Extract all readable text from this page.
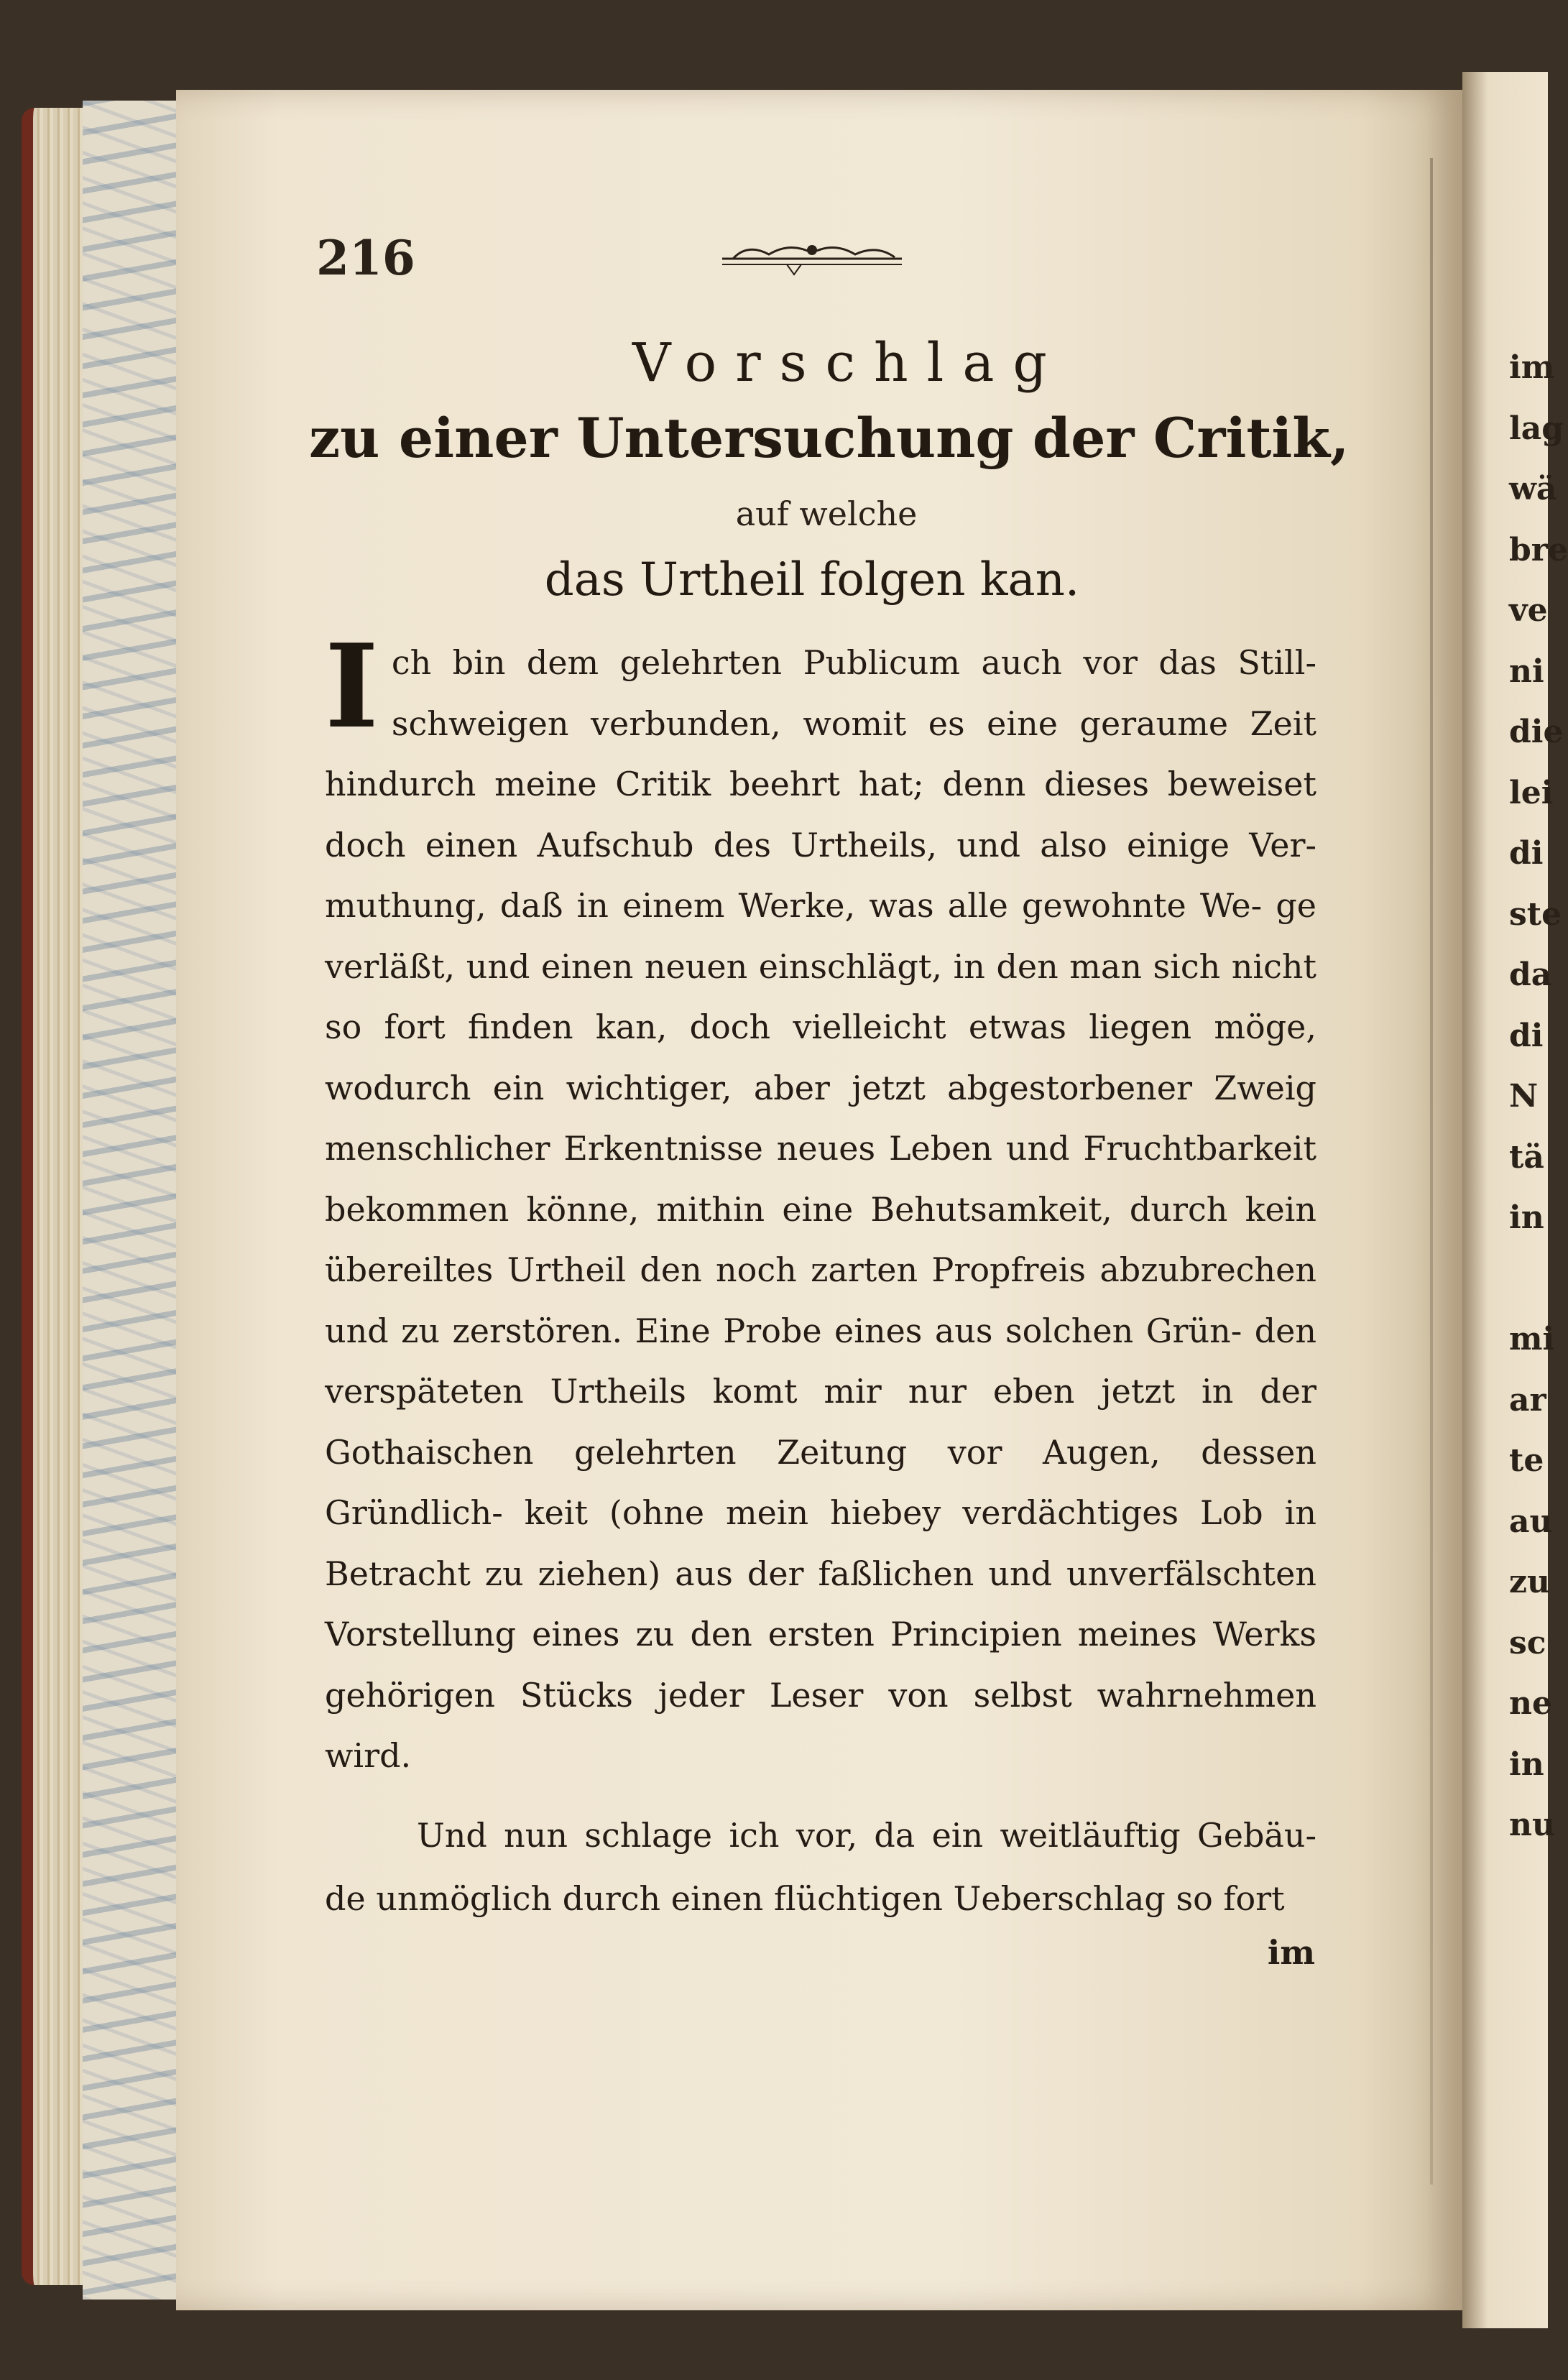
im
lag
wä
bre
ve
ni
die
lei
di
ste
da
di
N
tä
in

mi
ar
te
au
zu
sc
ne
in
nu
216
Vorschlag
zu einer Untersuchung der Critik,
auf welche
das Urtheil folgen kan.
I ch bin dem gelehrten Publicum auch vor das Still- schweigen verbunden, womit es eine geraume Zeit hindurch meine Critik beehrt hat; denn dieses beweiset doch einen Aufschub des Urtheils, und also einige Ver- muthung, daß in einem Werke, was alle gewohnte We- ge verläßt, und einen neuen einschlägt, in den man sich nicht so fort finden kan, doch vielleicht etwas liegen möge, wodurch ein wichtiger, aber jetzt abgestorbener Zweig menschlicher Erkentnisse neues Leben und Fruchtbarkeit bekommen könne, mithin eine Behutsamkeit, durch kein übereiltes Urtheil den noch zarten Propfreis abzubrechen und zu zerstören. Eine Probe eines aus solchen Grün- den verspäteten Urtheils komt mir nur eben jetzt in der Gothaischen gelehrten Zeitung vor Augen, dessen Gründlich- keit (ohne mein hiebey verdächtiges Lob in Betracht zu ziehen) aus der faßlichen und unverfälschten Vorstellung eines zu den ersten Principien meines Werks gehörigen Stücks jeder Leser von selbst wahrnehmen wird.
Und nun schlage ich vor, da ein weitläuftig Gebäu- de unmöglich durch einen flüchtigen Ueberschlag so fort
im
